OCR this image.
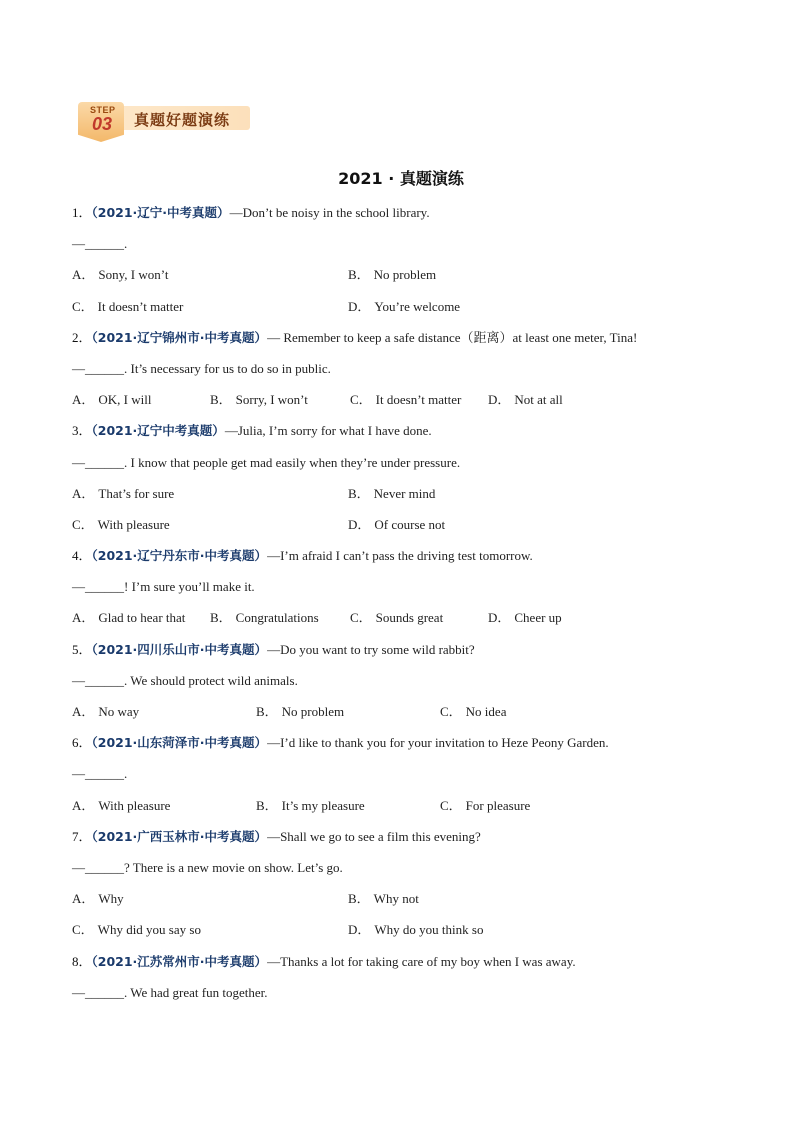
真题好题演练
STEP
03
2021 · 真题演练
1．（2021·辽宁·中考真题）—Don’t be noisy in the school library.
—______.
A． Sony, I won’t	B． No problem
C． It doesn’t matter	D． You’re welcome
2．（2021·辽宁锦州市·中考真题）— Remember to keep a safe distance（距离）at least one meter, Tina!
—______. It’s necessary for us to do so in public.
A． OK, I will	B． Sorry, I won’t	C． It doesn’t matter	D． Not at all
3．（2021·辽宁中考真题）—Julia, I’m sorry for what I have done.
—______. I know that people get mad easily when they’re under pressure.
A． That’s for sure	B． Never mind
C． With pleasure	D． Of course not
4．（2021·辽宁丹东市·中考真题）—I’m afraid I can’t pass the driving test tomorrow.
—______! I’m sure you’ll make it.
A． Glad to hear that	B． Congratulations	C． Sounds great	D． Cheer up
5．（2021·四川乐山市·中考真题）—Do you want to try some wild rabbit?
—______. We should protect wild animals.
A． No way	B． No problem	C． No idea
6．（2021·山东菏泽市·中考真题）—I’d like to thank you for your invitation to Heze Peony Garden.
—______.
A． With pleasure	B． It’s my pleasure	C． For pleasure
7．（2021·广西玉林市·中考真题）—Shall we go to see a film this evening?
—______? There is a new movie on show. Let’s go.
A． Why	B． Why not
C． Why did you say so	D． Why do you think so
8．（2021·江苏常州市·中考真题）—Thanks a lot for taking care of my boy when I was away.
—______. We had great fun together.
